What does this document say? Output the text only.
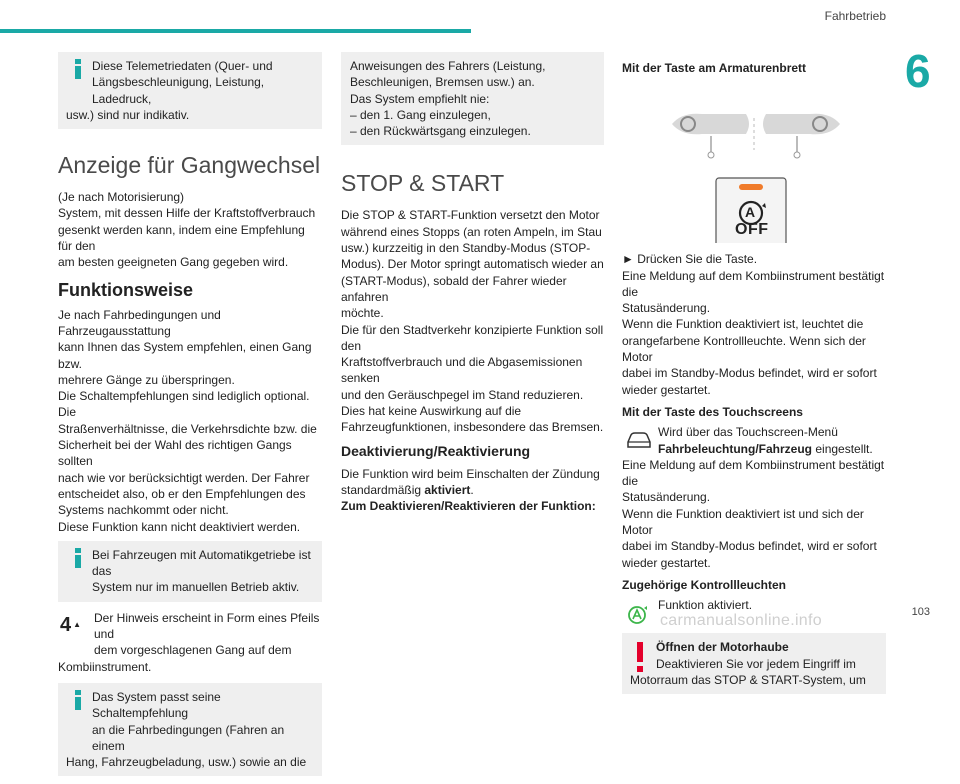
Fahrbetrieb
6
103
carmanualsonline.info
Diese Telemetriedaten (Quer- und
Längsbeschleunigung, Leistung, Ladedruck,
usw.) sind nur indikativ.
Anzeige für Gangwechsel

(Je nach Motorisierung)
System, mit dessen Hilfe der Kraftstoffverbrauch
gesenkt werden kann, indem eine Empfehlung für den
am besten geeigneten Gang gegeben wird.

Funktionsweise

Je nach Fahrbedingungen und Fahrzeugausstattung
kann Ihnen das System empfehlen, einen Gang bzw.
mehrere Gänge zu überspringen.
Die Schaltempfehlungen sind lediglich optional. Die
Straßenverhältnisse, die Verkehrsdichte bzw. die
Sicherheit bei der Wahl des richtigen Gangs sollten
nach wie vor berücksichtigt werden. Der Fahrer
entscheidet also, ob er den Empfehlungen des
Systems nachkommt oder nicht.
Diese Funktion kann nicht deaktiviert werden.

Bei Fahrzeugen mit Automatikgetriebe ist das
System nur im manuellen Betrieb aktiv.
4 ▲	Der Hinweis erscheint in Form eines Pfeils und
dem vorgeschlagenen Gang auf dem
Kombiinstrument.
Das System passt seine Schaltempfehlung
an die Fahrbedingungen (Fahren an einem
Hang, Fahrzeugbeladung, usw.) sowie an die
Anweisungen des Fahrers (Leistung,
Beschleunigen, Bremsen usw.) an.
Das System empfiehlt nie:
– den 1. Gang einzulegen,
– den Rückwärtsgang einzulegen.
STOP & START

Die STOP & START-Funktion versetzt den Motor
während eines Stopps (an roten Ampeln, im Stau
usw.) kurzzeitig in den Standby-Modus (STOP-
Modus). Der Motor springt automatisch wieder an
(START-Modus), sobald der Fahrer wieder anfahren
möchte.
Die für den Stadtverkehr konzipierte Funktion soll den
Kraftstoffverbrauch und die Abgasemissionen senken
und den Geräuschpegel im Stand reduzieren.
Dies hat keine Auswirkung auf die
Fahrzeugfunktionen, insbesondere das Bremsen.

Deaktivierung/Reaktivierung

Die Funktion wird beim Einschalten der Zündung
standardmäßig aktiviert.
Zum Deaktivieren/Reaktivieren der Funktion:

Mit der Taste am Armaturenbrett
A
OFF

► Drücken Sie die Taste.
Eine Meldung auf dem Kombiinstrument bestätigt die
Statusänderung.
Wenn die Funktion deaktiviert ist, leuchtet die
orangefarbene Kontrollleuchte. Wenn sich der Motor
dabei im Standby-Modus befindet, wird er sofort
wieder gestartet.

Mit der Taste des Touchscreens
Wird über das Touchscreen-Menü
Fahrbeleuchtung/Fahrzeug eingestellt.

Eine Meldung auf dem Kombiinstrument bestätigt die
Statusänderung.
Wenn die Funktion deaktiviert ist und sich der Motor
dabei im Standby-Modus befindet, wird er sofort
wieder gestartet.

Zugehörige Kontrollleuchten
Funktion aktiviert.
Öffnen der Motorhaube
Deaktivieren Sie vor jedem Eingriff im
Motorraum das STOP & START-System, um
